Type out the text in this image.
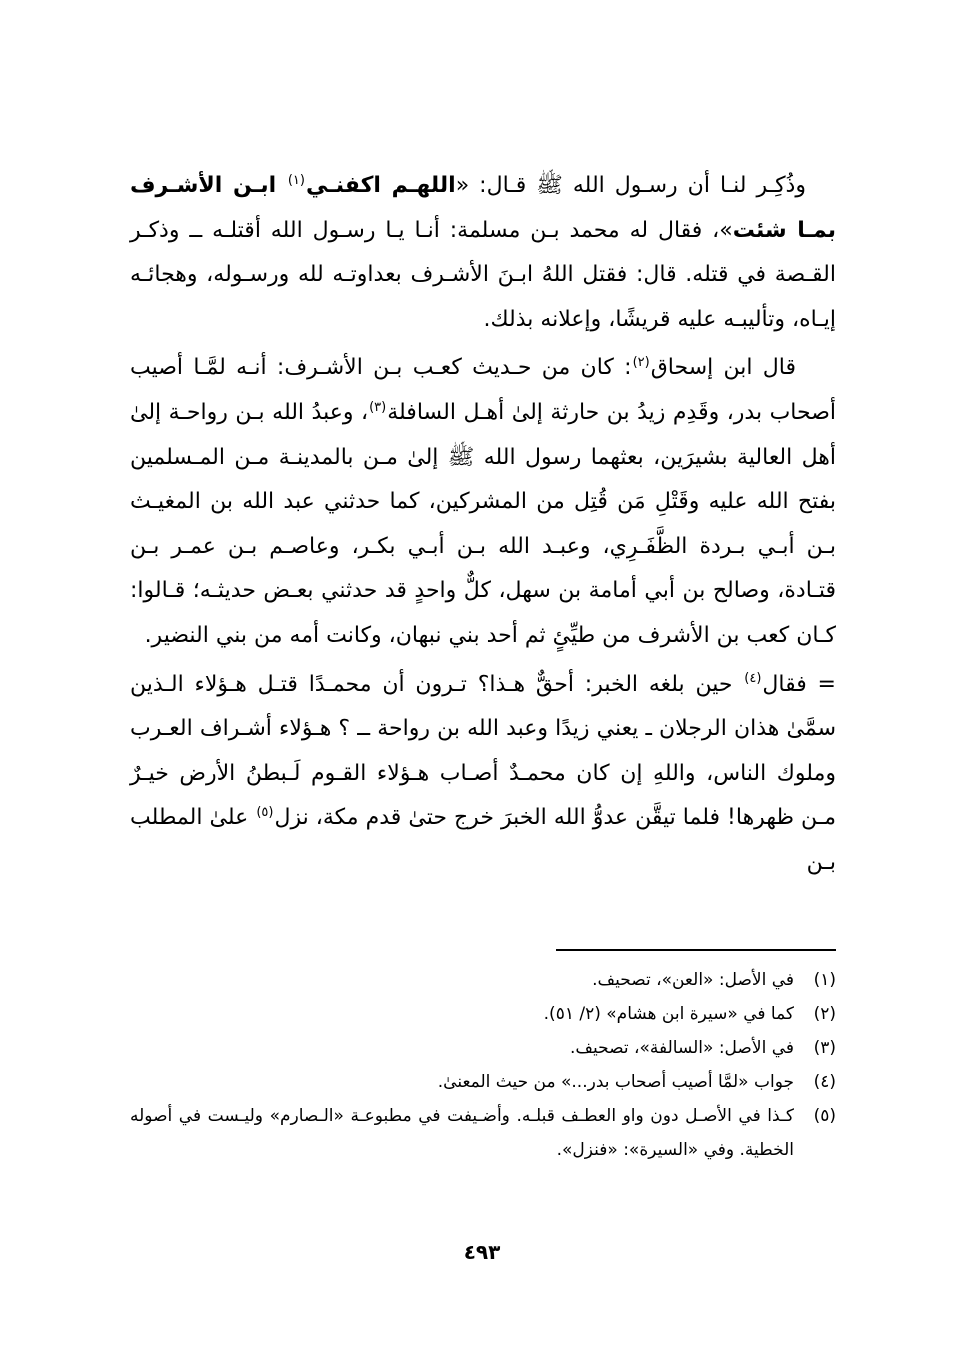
وذُكِـر لنـا أن رسـول الله ﷺ قـال: «اللهـم اكفنـي$^{(١)}$ ابـن الأشـرف بمـا شئت»، فقال له محمد بـن مسلمة: أنـا يـا رسـول الله أقتلـه ــ وذكـر القـصة في قتله. قال: فقتل اللهُ ابـنَ الأشـرف بعداوتـه لله ورسـوله، وهجائـه إيـاه، وتأليبـه عليه قريشًا، وإعلانه بذلك.

قال ابن إسحاق$^{(٢)}$: كان من حـديث كعـب بـن الأشـرف: أنـه لمَّـا أصيب أصحاب بدر، وقَدِم زيدُ بن حارثة إلىٰ أهـل السافلة$^{(٣)}$، وعبدُ الله بـن رواحـة إلىٰ أهل العالية بشيرَين، بعثهما رسول الله ﷺ إلىٰ مـن بالمدينـة مـن المـسلمين بفتح الله عليه وقَتْلِ مَن قُتِل من المشركين، كما حدثني عبد الله بن المغيـث بـن أبـي بـردة الظَّفَـرِي، وعبـد الله بـن أبـي بكـر، وعاصـم بـن عمـر بـن قتـادة، وصالح بن أبي أمامة بن سهل، كلٌّ واحدٍ قد حدثني بعـض حديثـه؛ قـالوا: كـان كعب بن الأشرف من طيِّئٍ ثم أحد بني نبهان، وكانت أمه من بني النضير.

= فقال$^{(٤)}$ حين بلغه الخبر: أحقٌّ هـذا؟ تـرون أن محمـدًا قتـل هـؤلاء الـذين سمَّىٰ هذان الرجلان ـ يعني زيدًا وعبد الله بن رواحة ــ ؟ هـؤلاء أشـراف العـرب وملوك الناس، واللهِ إن كان محمـدٌ أصـاب هـؤلاء القـوم لَـبطنُ الأرض خيـرٌ مـن ظهرها! فلما تيقَّن عدوُّ الله الخبرَ خرج حتىٰ قدم مكة، نزل$^{(٥)}$ علىٰ المطلب بـن

(١)
في الأصل: «العن»، تصحيف.
(٢)
كما في «سيرة ابن هشام» (٢/ ٥١).
(٣)
في الأصل: «السالفة»، تصحيف.
(٤)
جواب «لمَّا أصيب أصحاب بدر...» من حيث المعنىٰ.
(٥)
كـذا في الأصـل دون واو العطـف قبلـه. وأضـيفت في مطبوعـة «الـصارم» وليـست في أصوله الخطية. وفي «السيرة»: «فنزل».
٤٩٣
